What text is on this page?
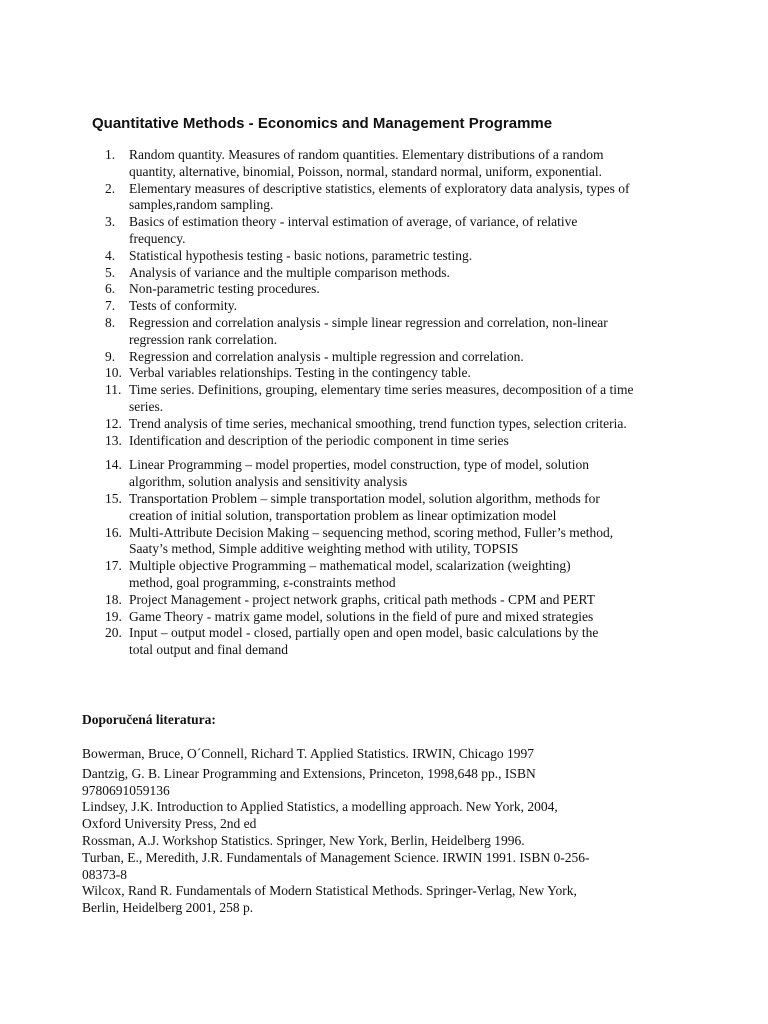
Quantitative Methods - Economics and Management Programme
1. Random quantity. Measures of random quantities. Elementary distributions of a random
quantity, alternative, binomial, Poisson, normal, standard normal, uniform, exponential.
2. Elementary measures of descriptive statistics, elements of exploratory data analysis, types of
samples,random sampling.
3. Basics of estimation theory - interval estimation of average, of variance, of relative
frequency.
4. Statistical hypothesis testing - basic notions, parametric testing.
5. Analysis of variance and the multiple comparison methods.
6. Non-parametric testing procedures.
7. Tests of conformity.
8. Regression and correlation analysis - simple linear regression and correlation, non-linear
regression rank correlation.
9. Regression and correlation analysis - multiple regression and correlation.
10. Verbal variables relationships. Testing in the contingency table.
11. Time series. Definitions, grouping, elementary time series measures, decomposition of a time
series.
12. Trend analysis of time series, mechanical smoothing, trend function types, selection criteria.
13. Identification and description of the periodic component in time series
14. Linear Programming – model properties, model construction, type of model, solution
algorithm, solution analysis and sensitivity analysis
15. Transportation Problem – simple transportation model, solution algorithm, methods for
creation of initial solution, transportation problem as linear optimization model
16. Multi-Attribute Decision Making – sequencing method, scoring method, Fuller’s method,
Saaty’s method, Simple additive weighting method with utility, TOPSIS
17. Multiple objective Programming – mathematical model, scalarization (weighting)
method, goal programming, ε-constraints method
18. Project Management - project network graphs, critical path methods - CPM and PERT
19. Game Theory - matrix game model, solutions in the field of pure and mixed strategies
20. Input – output model - closed, partially open and open model, basic calculations by the
total output and final demand
Doporučená literatura:
Bowerman, Bruce, O´Connell, Richard T. Applied Statistics. IRWIN, Chicago 1997
Dantzig, G. B. Linear Programming and Extensions, Princeton, 1998,648 pp., ISBN
9780691059136
Lindsey, J.K. Introduction to Applied Statistics, a modelling approach. New York, 2004,
Oxford University Press, 2nd ed
Rossman, A.J. Workshop Statistics. Springer, New York, Berlin, Heidelberg 1996.
Turban, E., Meredith, J.R. Fundamentals of Management Science. IRWIN 1991. ISBN 0-256-
08373-8
Wilcox, Rand R. Fundamentals of Modern Statistical Methods. Springer-Verlag, New York,
Berlin, Heidelberg 2001, 258 p.
